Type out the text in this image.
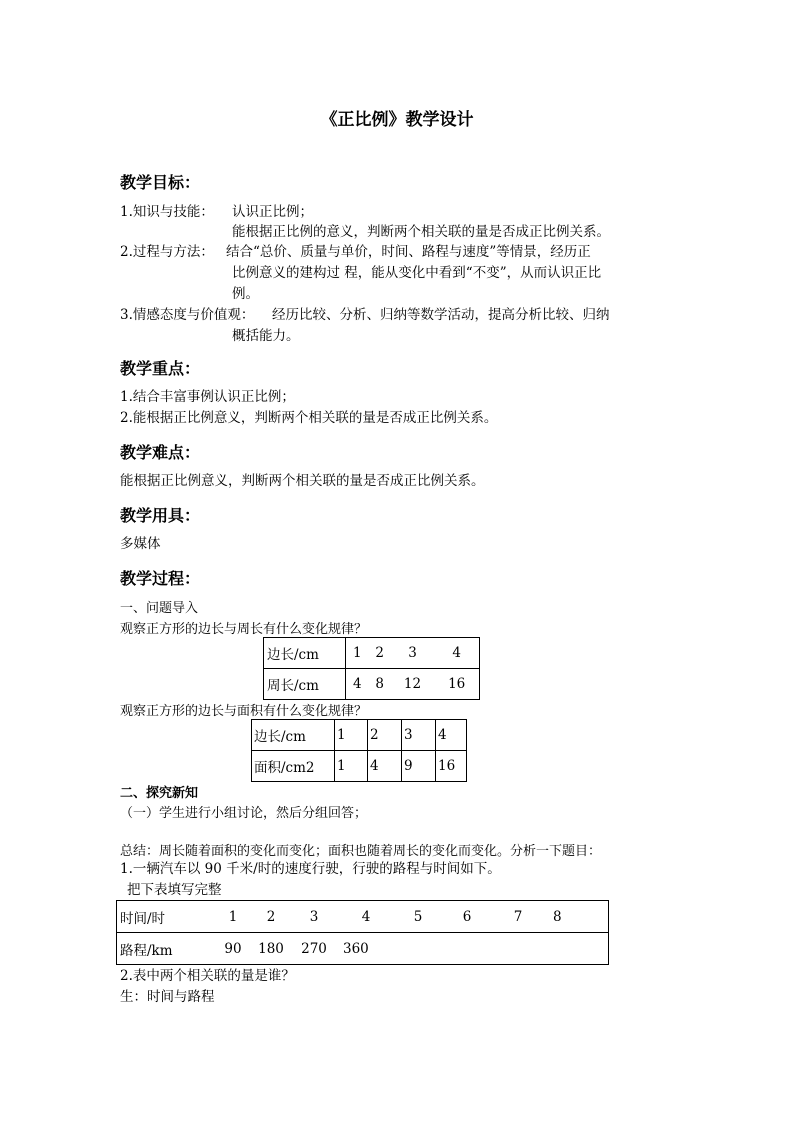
《正比例》教学设计
教学目标：
1.知识与技能： 认识正比例；
能根据正比例的意义，判断两个相关联的量是否成正比例关系。
2.过程与方法： 结合“总价、质量与单价，时间、路程与速度”等情景，经历正
比例意义的建构过 程，能从变化中看到“不变”，从而认识正比
例。
3.情感态度与价值观： 经历比较、分析、归纳等数学活动，提高分析比较、归纳
概括能力。
教学重点：
1.结合丰富事例认识正比例；
2.能根据正比例意义，判断两个相关联的量是否成正比例关系。
教学难点：
能根据正比例意义，判断两个相关联的量是否成正比例关系。
教学用具：
多媒体
教学过程：
一、问题导入
观察正方形的边长与周长有什么变化规律？
边长/cm	1	2	3	4
周长/cm	4	8	12	16
观察正方形的边长与面积有什么变化规律？
边长/cm	1	2	3	4
面积/cm2	1	4	9	16
二、探究新知
（一）学生进行小组讨论，然后分组回答；
总结：周长随着面积的变化而变化；面积也随着周长的变化而变化。分析一下题目：
1.一辆汽车以 90 千米/时的速度行驶，行驶的路程与时间如下。
把下表填写完整
时间/时	1	2	3	4	5	6	7	8
路程/km	90	180	270	360				
2.表中两个相关联的量是谁？
生：时间与路程
